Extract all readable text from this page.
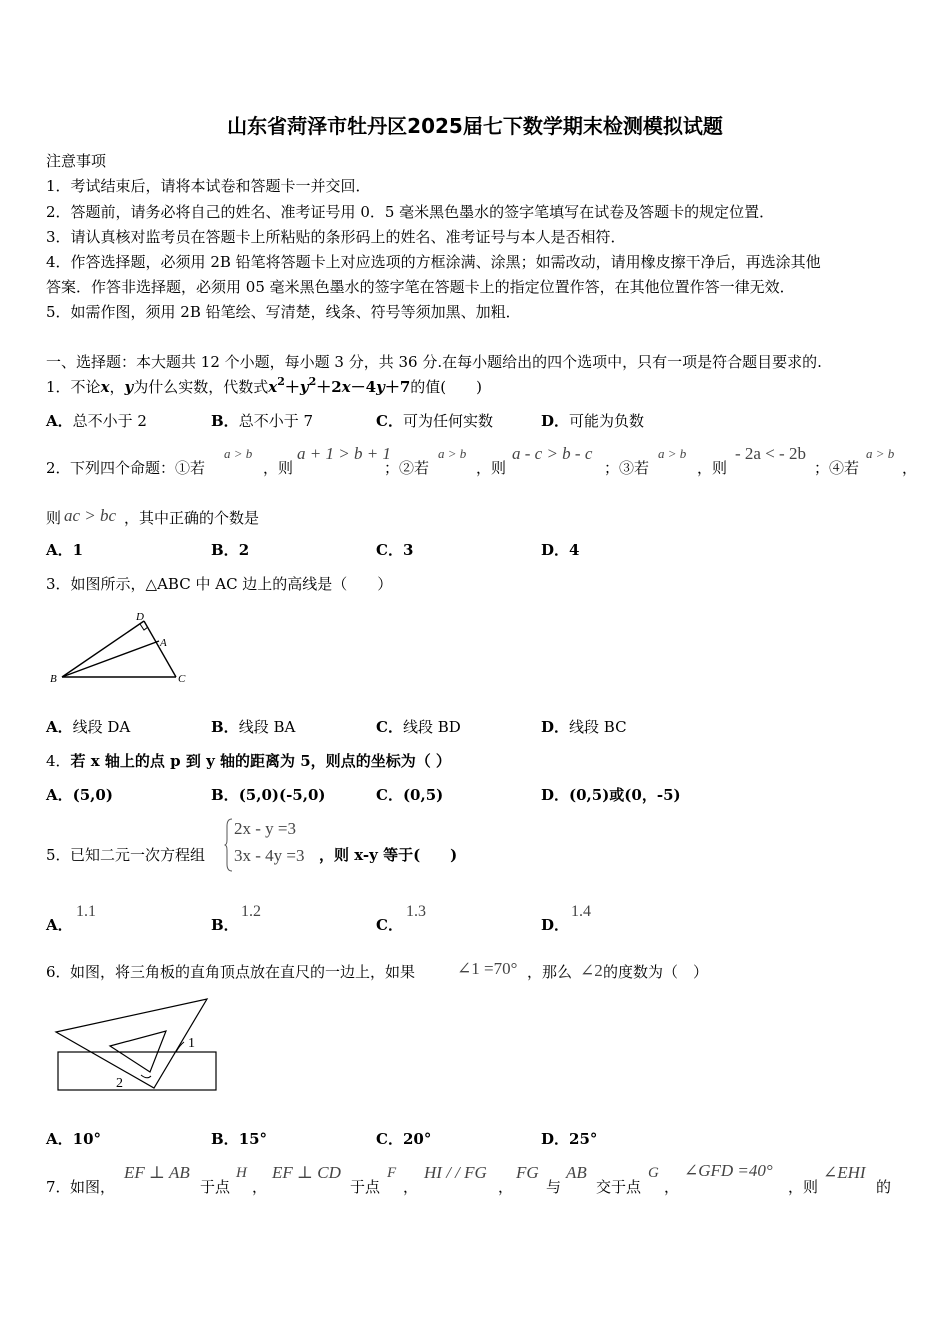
山东省菏泽市牡丹区2025届七下数学期末检测模拟试题
注意事项
1．考试结束后，请将本试卷和答题卡一并交回．
2．答题前，请务必将自己的姓名、准考证号用 0．5 毫米黑色墨水的签字笔填写在试卷及答题卡的规定位置．
3．请认真核对监考员在答题卡上所粘贴的条形码上的姓名、准考证号与本人是否相符．
4．作答选择题，必须用 2B 铅笔将答题卡上对应选项的方框涂满、涂黑；如需改动，请用橡皮擦干净后，再选涂其他
答案．作答非选择题，必须用 05 毫米黑色墨水的签字笔在答题卡上的指定位置作答，在其他位置作答一律无效．
5．如需作图，须用 2B 铅笔绘、写清楚，线条、符号等须加黑、加粗．
一、选择题：本大题共 12 个小题，每小题 3 分，共 36 分.在每小题给出的四个选项中，只有一项是符合题目要求的.
1．不论x，y为什么实数，代数式$x^2+y^2+2x-4y+7$的值(　　)
A．总不小于 2	B．总不小于 7	C．可为任何实数	D．可能为负数
2． 下列四个命题：①若
a > b
，则
a + 1 > b + 1
；②若
a > b
，则
a - c > b - c
；③若
a > b
，则
- 2a < - 2b
；④若
a > b
，
则 ac > bc ，其中正确的个数是
A．1	B．2	C．3	D．4
3．如图所示，△ABC 中 AC 边上的高线是（　　）
D
A
B	C
A．线段 DA	B．线段 BA	C．线段 BD	D．线段 BC
4．若 x 轴上的点 p 到 y 轴的距离为 5，则点的坐标为（ ）
A．(5,0)	B．(5,0)(-5,0)	C．(0,5)	D．(0,5)或(0，-5)
5． 已知二元一次方程组
2x - y =3
3x - 4y =3 ，则 x-y 等于(　　)
A．
1.1
B．
1.2
C．
1.3
D．
1.4
6． 如图，将三角板的直角顶点放在直尺的一边上，如果 ∠1 =70° ，那么 ∠2 的度数为（　）
1
2
A．10°	B．15°	C．20°	D．25°
7． 如图，
EF ⊥ AB
于点
H
，
EF ⊥ CD
于点
F
，
HI / / FG
，
FG
与
AB
交于点
G
，
∠GFD =40°
，则
∠EHI
的
